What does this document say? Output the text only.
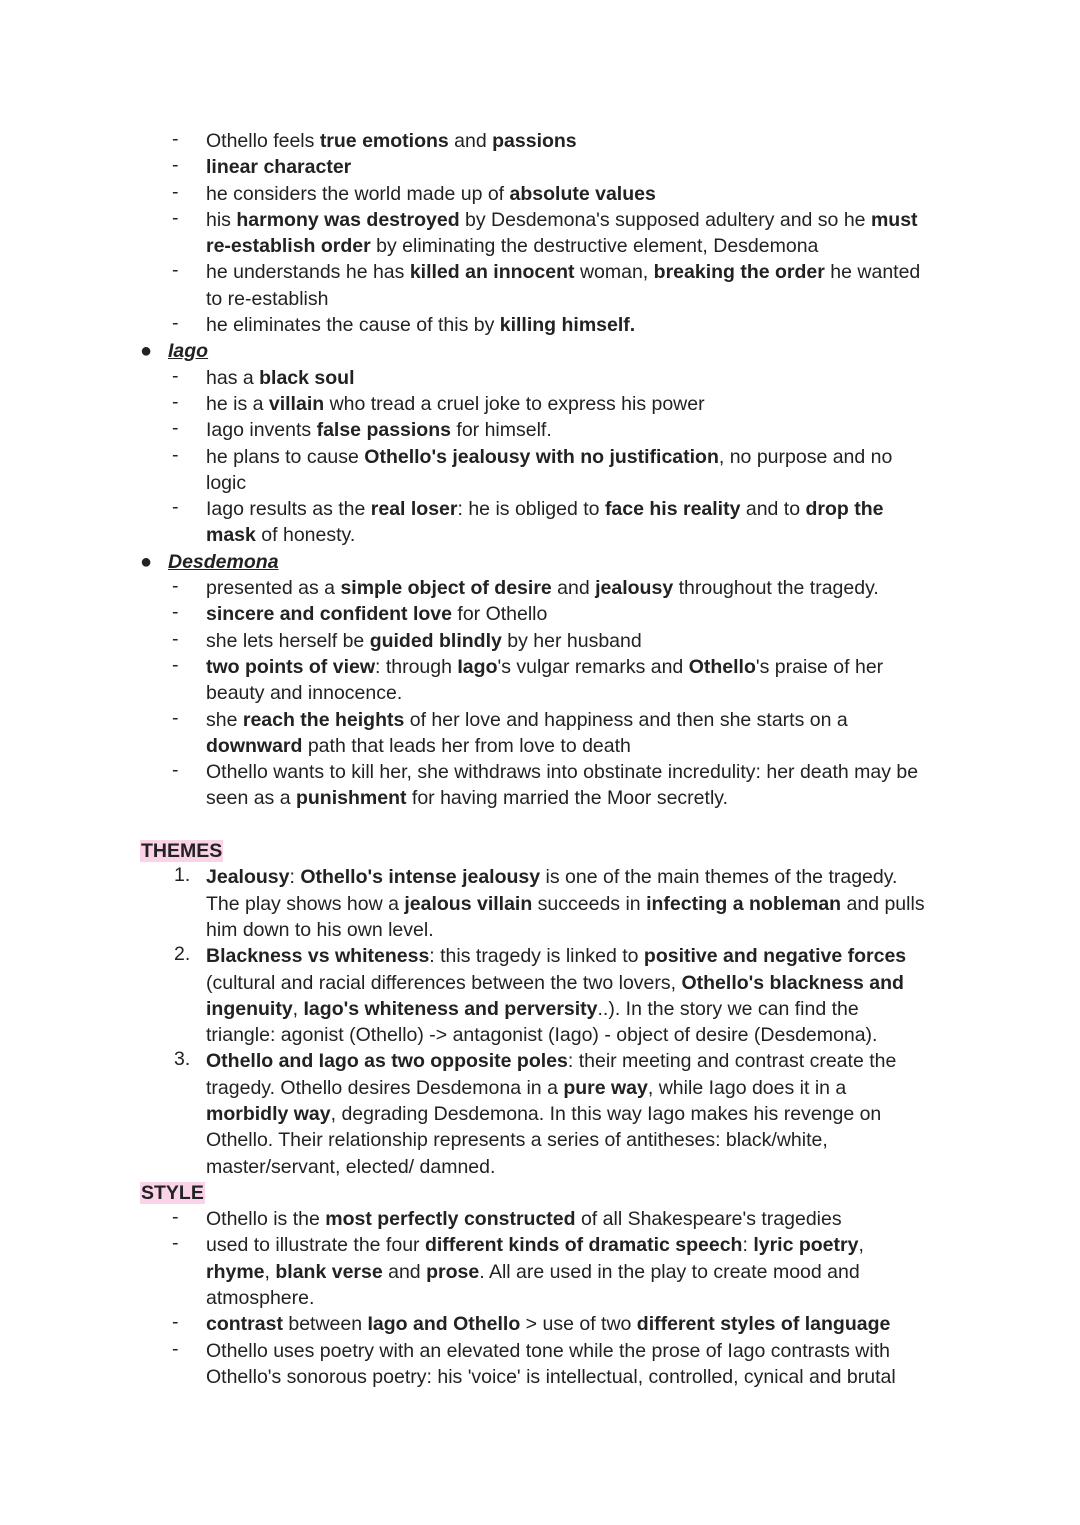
- Othello feels true emotions and passions
- linear character
- he considers the world made up of absolute values
- his harmony was destroyed by Desdemona's supposed adultery and so he must
re-establish order by eliminating the destructive element, Desdemona
- he understands he has killed an innocent woman, breaking the order he wanted
to re-establish
- he eliminates the cause of this by killing himself.
● Iago
- has a black soul
- he is a villain who tread a cruel joke to express his power
- Iago invents false passions for himself.
- he plans to cause Othello's jealousy with no justification, no purpose and no
logic
- Iago results as the real loser: he is obliged to face his reality and to drop the
mask of honesty.
● Desdemona
- presented as a simple object of desire and jealousy throughout the tragedy.
- sincere and confident love for Othello
- she lets herself be guided blindly by her husband
- two points of view: through Iago's vulgar remarks and Othello's praise of her
beauty and innocence.
- she reach the heights of her love and happiness and then she starts on a
downward path that leads her from love to death
- Othello wants to kill her, she withdraws into obstinate incredulity: her death may be
seen as a punishment for having married the Moor secretly.

THEMES
1. Jealousy: Othello's intense jealousy is one of the main themes of the tragedy.
The play shows how a jealous villain succeeds in infecting a nobleman and pulls
him down to his own level.
2. Blackness vs whiteness: this tragedy is linked to positive and negative forces
(cultural and racial differences between the two lovers, Othello's blackness and
ingenuity, Iago's whiteness and perversity..). In the story we can find the
triangle: agonist (Othello) -> antagonist (Iago) - object of desire (Desdemona).
3. Othello and Iago as two opposite poles: their meeting and contrast create the
tragedy. Othello desires Desdemona in a pure way, while Iago does it in a
morbidly way, degrading Desdemona. In this way Iago makes his revenge on
Othello. Their relationship represents a series of antitheses: black/white,
master/servant, elected/ damned.
STYLE
- Othello is the most perfectly constructed of all Shakespeare's tragedies
- used to illustrate the four different kinds of dramatic speech: lyric poetry,
rhyme, blank verse and prose. All are used in the play to create mood and
atmosphere.
- contrast between Iago and Othello > use of two different styles of language
- Othello uses poetry with an elevated tone while the prose of Iago contrasts with
Othello's sonorous poetry: his 'voice' is intellectual, controlled, cynical and brutal
